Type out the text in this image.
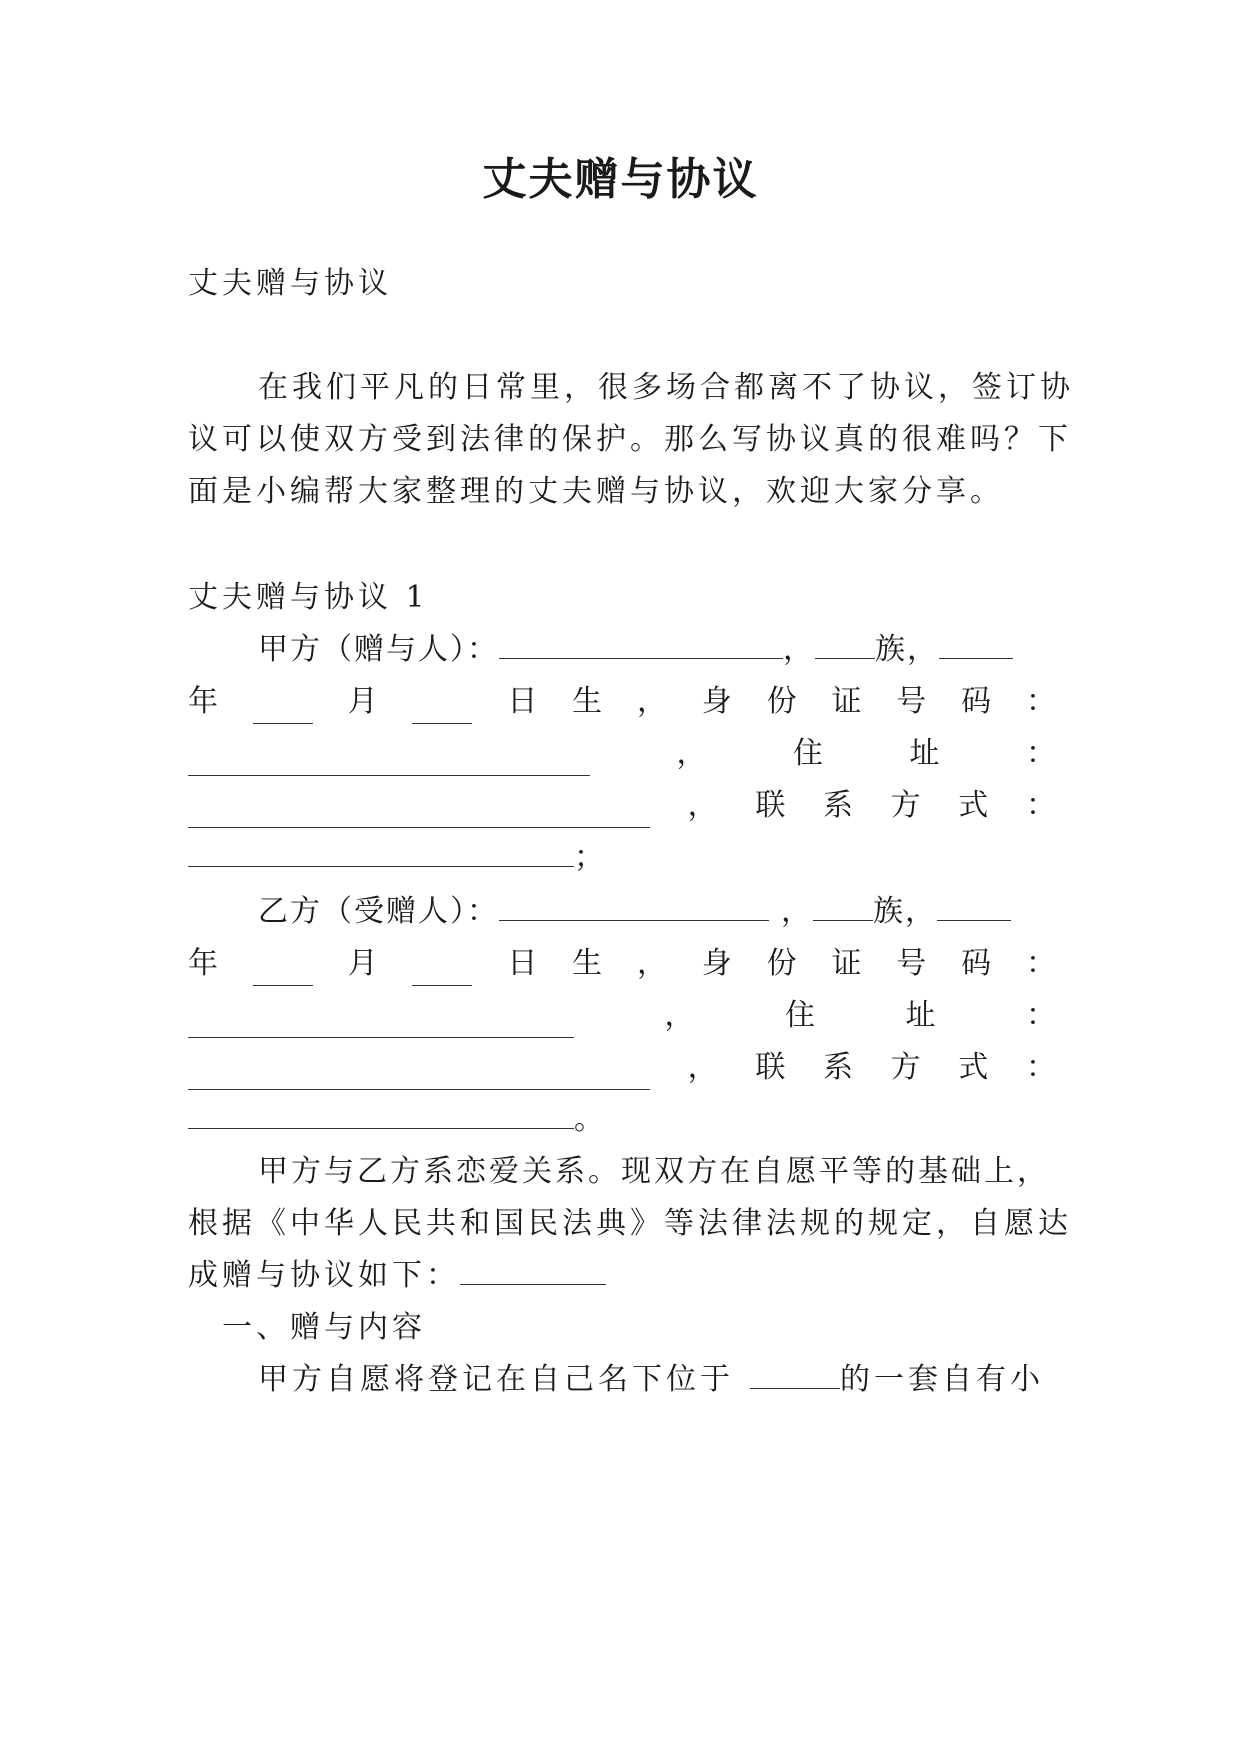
丈夫赠与协议
丈夫赠与协议
在我们平凡的日常里，很多场合都离不了协议，签订协
议可以使双方受到法律的保护。那么写协议真的很难吗？下
面是小编帮大家整理的丈夫赠与协议，欢迎大家分享。
丈夫赠与协议 1
甲方（赠与人）：	， 族，
年	月	日 生 ， 身 份 证 号 码 ：
，	住	址	：
， 联 系 方 式 ：
；
乙方（受赠人）：	， 族，
年	月	日 生 ， 身 份 证 号 码 ：
，	住	址	：
， 联 系 方 式 ：
。
甲方与乙方系恋爱关系。现双方在自愿平等的基础上，
根据《中华人民共和国民法典》等法律法规的规定，自愿达
成赠与协议如下：
一、赠与内容
甲方自愿将登记在自己名下位于	的一套自有小
